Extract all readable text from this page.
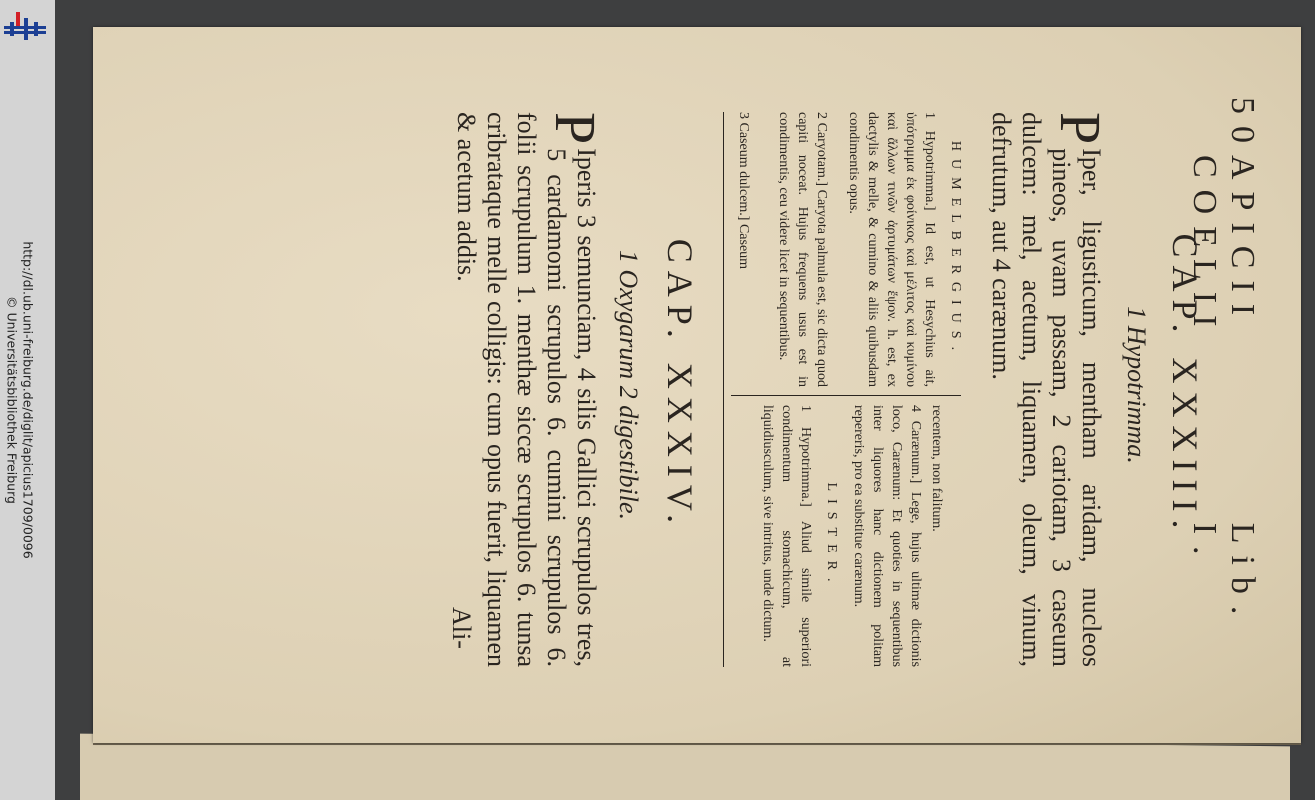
http://dl.ub.uni-freiburg.de/diglit/apicius1709/0096
© Universitätsbibliothek Freiburg
50
APICII COELII
Lib. I.
CAP. XXXIII.
1 Hypotrimma.
P
Iper, ligusticum, mentham aridam, nucleos pineos, uvam passam, 2 cariotam, 3 caseum dulcem: mel, acetum, liquamen, oleum, vinum, defrutum, aut 4 carænum.
HUMELBERGIUS.
1 Hypotrimma.] Id est, ut Hesychius ait, ὑπότριμμα ἐκ φοίνικος καὶ μέλιτος καὶ κυμίνου καὶ ἄλλων τινῶν ἀρτυμάτων ἕψον. h. est, ex dactylis & melle, & cumino & aliis quibusdam condimentis opus.
2 Caryotam.] Caryota palmula est, sic dicta quod capiti noceat. Hujus frequens usus est in condimentis, ceu videre licet in sequentibus.
3 Caseum dulcem.] Caseum
recentem, non falitum.
4 Carænum.] Lege, hujus ultimæ dictionis loco, Carænum: Et quoties in sequentibus inter liquores hanc dictionem politam repereris, pro ea substitue carænum.
LISTER.
1 Hypotrimma.] Aliud simile superiori condimentum stomachicum, at liquidiusculum, sive intritus, unde dictum.
CAP. XXXIV.
1 Oxygarum 2 digestibile.
P
Iperis 3 semunciam, 4 silis Gallici scrupulos tres, 5 cardamomi scrupulos 6. cumini scrupulos 6. folii scrupulum 1. menthæ siccæ scrupulos 6. tunsa cribrataque melle colligis: cum opus fuerit, liquamen & acetum addis.
Ali-
